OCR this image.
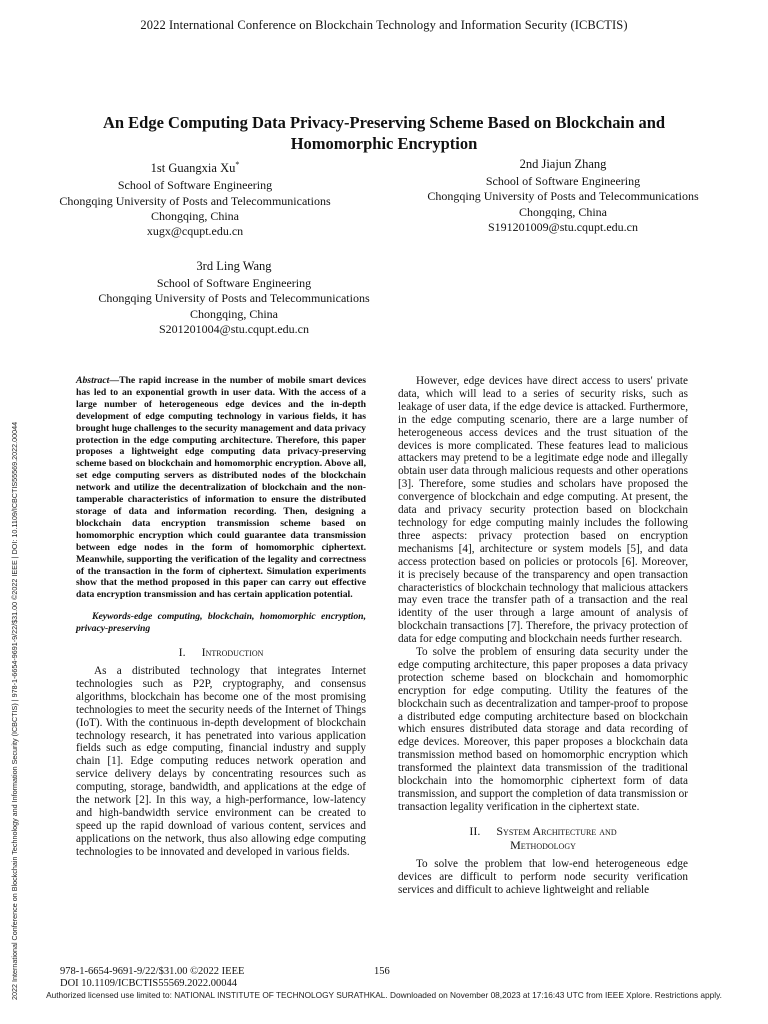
2022 International Conference on Blockchain Technology and Information Security (ICBCTIS)
2022 International Conference on Blockchain Technology and Information Security (ICBCTIS) | 978-1-6654-9691-9/22/$31.00 ©2022 IEEE | DOI: 10.1109/ICBCTIS55569.2022.00044
An Edge Computing Data Privacy-Preserving Scheme Based on Blockchain and Homomorphic Encryption
1st Guangxia Xu*
School of Software Engineering
Chongqing University of Posts and Telecommunications
Chongqing, China
xugx@cqupt.edu.cn
2nd Jiajun Zhang
School of Software Engineering
Chongqing University of Posts and Telecommunications
Chongqing, China
S191201009@stu.cqupt.edu.cn
3rd Ling Wang
School of Software Engineering
Chongqing University of Posts and Telecommunications
Chongqing, China
S201201004@stu.cqupt.edu.cn
Abstract—The rapid increase in the number of mobile smart devices has led to an exponential growth in user data. With the access of a large number of heterogeneous edge devices and the in-depth development of edge computing technology in various fields, it has brought huge challenges to the security management and data privacy protection in the edge computing architecture. Therefore, this paper proposes a lightweight edge computing data privacy-preserving scheme based on blockchain and homomorphic encryption. Above all, set edge computing servers as distributed nodes of the blockchain network and utilize the decentralization of blockchain and the non-tamperable characteristics of information to ensure the distributed storage of data and information recording. Then, designing a blockchain data encryption transmission scheme based on homomorphic encryption which could guarantee data transmission between edge nodes in the form of homomorphic ciphertext. Meanwhile, supporting the verification of the legality and correctness of the transaction in the form of ciphertext. Simulation experiments show that the method proposed in this paper can carry out effective data encryption transmission and has certain application potential.
Keywords-edge computing, blockchain, homomorphic encryption, privacy-preserving
I. Introduction

As a distributed technology that integrates Internet technologies such as P2P, cryptography, and consensus algorithms, blockchain has become one of the most promising technologies to meet the security needs of the Internet of Things (IoT). With the continuous in-depth development of blockchain technology research, it has penetrated into various application fields such as edge computing, financial industry and supply chain [1]. Edge computing reduces network operation and service delivery delays by concentrating resources such as computing, storage, bandwidth, and applications at the edge of the network [2]. In this way, a high-performance, low-latency and high-bandwidth service environment can be created to speed up the rapid download of various content, services and applications on the network, thus also allowing edge computing technologies to be innovated and developed in various fields.

However, edge devices have direct access to users' private data, which will lead to a series of security risks, such as leakage of user data, if the edge device is attacked. Furthermore, in the edge computing scenario, there are a large number of heterogeneous access devices and the trust situation of the devices is more complicated. These features lead to malicious attackers may pretend to be a legitimate edge node and illegally obtain user data through malicious requests and other operations [3]. Therefore, some studies and scholars have proposed the convergence of blockchain and edge computing. At present, the data and privacy security protection based on blockchain technology for edge computing mainly includes the following three aspects: privacy protection based on encryption mechanisms [4], architecture or system models [5], and data access protection based on policies or protocols [6]. Moreover, it is precisely because of the transparency and open transaction characteristics of blockchain technology that malicious attackers may even trace the transfer path of a transaction and the real identity of the user through a large amount of analysis of blockchain transactions [7]. Therefore, the privacy protection of data for edge computing and blockchain needs further research.

To solve the problem of ensuring data security under the edge computing architecture, this paper proposes a data privacy protection scheme based on blockchain and homomorphic encryption for edge computing. Utility the features of the blockchain such as decentralization and tamper-proof to propose a distributed edge computing architecture based on blockchain which ensures distributed data storage and data recording of edge devices. Moreover, this paper proposes a blockchain data transmission method based on homomorphic encryption which transformed the plaintext data transmission of the traditional blockchain into the homomorphic ciphertext form of data transmission, and support the completion of data transmission or transaction legality verification in the ciphertext state.

II. System Architecture and
Methodology

To solve the problem that low-end heterogeneous edge devices are difficult to perform node security verification services and difficult to achieve lightweight and reliable

978-1-6654-9691-9/22/$31.00 ©2022 IEEE
DOI 10.1109/ICBCTIS55569.2022.00044
156
Authorized licensed use limited to: NATIONAL INSTITUTE OF TECHNOLOGY SURATHKAL. Downloaded on November 08,2023 at 17:16:43 UTC from IEEE Xplore. Restrictions apply.
